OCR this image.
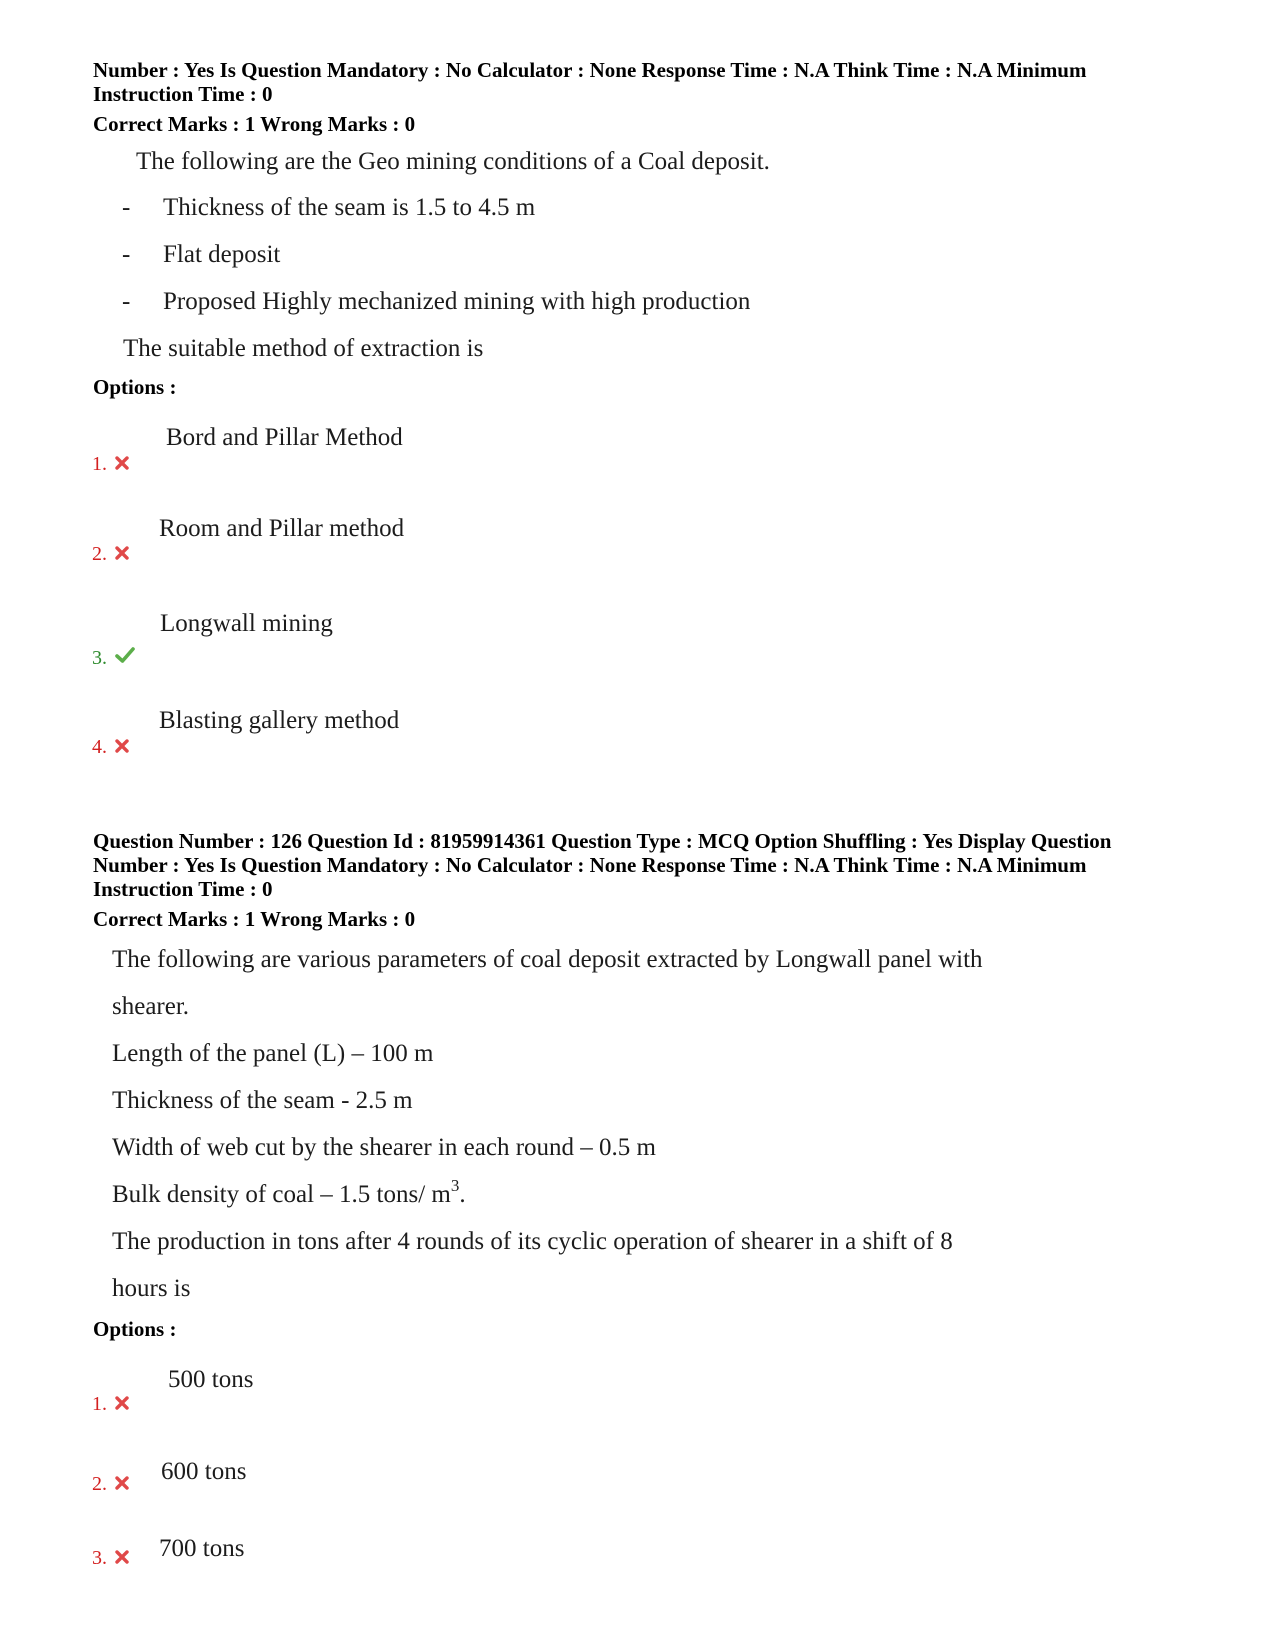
Number : Yes Is Question Mandatory : No Calculator : None Response Time : N.A Think Time : N.A Minimum
Instruction Time : 0
Correct Marks : 1 Wrong Marks : 0
The following are the Geo mining conditions of a Coal deposit.
- Thickness of the seam is 1.5 to 4.5 m
- Flat deposit
- Proposed Highly mechanized mining with high production
The suitable method of extraction is
Options :
Bord and Pillar Method
1.
Room and Pillar method
2.
Longwall mining
3.
Blasting gallery method
4.
Question Number : 126 Question Id : 81959914361 Question Type : MCQ Option Shuffling : Yes Display Question
Number : Yes Is Question Mandatory : No Calculator : None Response Time : N.A Think Time : N.A Minimum
Instruction Time : 0
Correct Marks : 1 Wrong Marks : 0
The following are various parameters of coal deposit extracted by Longwall panel with
shearer.
Length of the panel (L) – 100 m
Thickness of the seam - 2.5 m
Width of web cut by the shearer in each round – 0.5 m
Bulk density of coal – 1.5 tons/ $m^3$.
The production in tons after 4 rounds of its cyclic operation of shearer in a shift of 8
hours is
Options :
500 tons
1.
600 tons
2.
700 tons
3.
